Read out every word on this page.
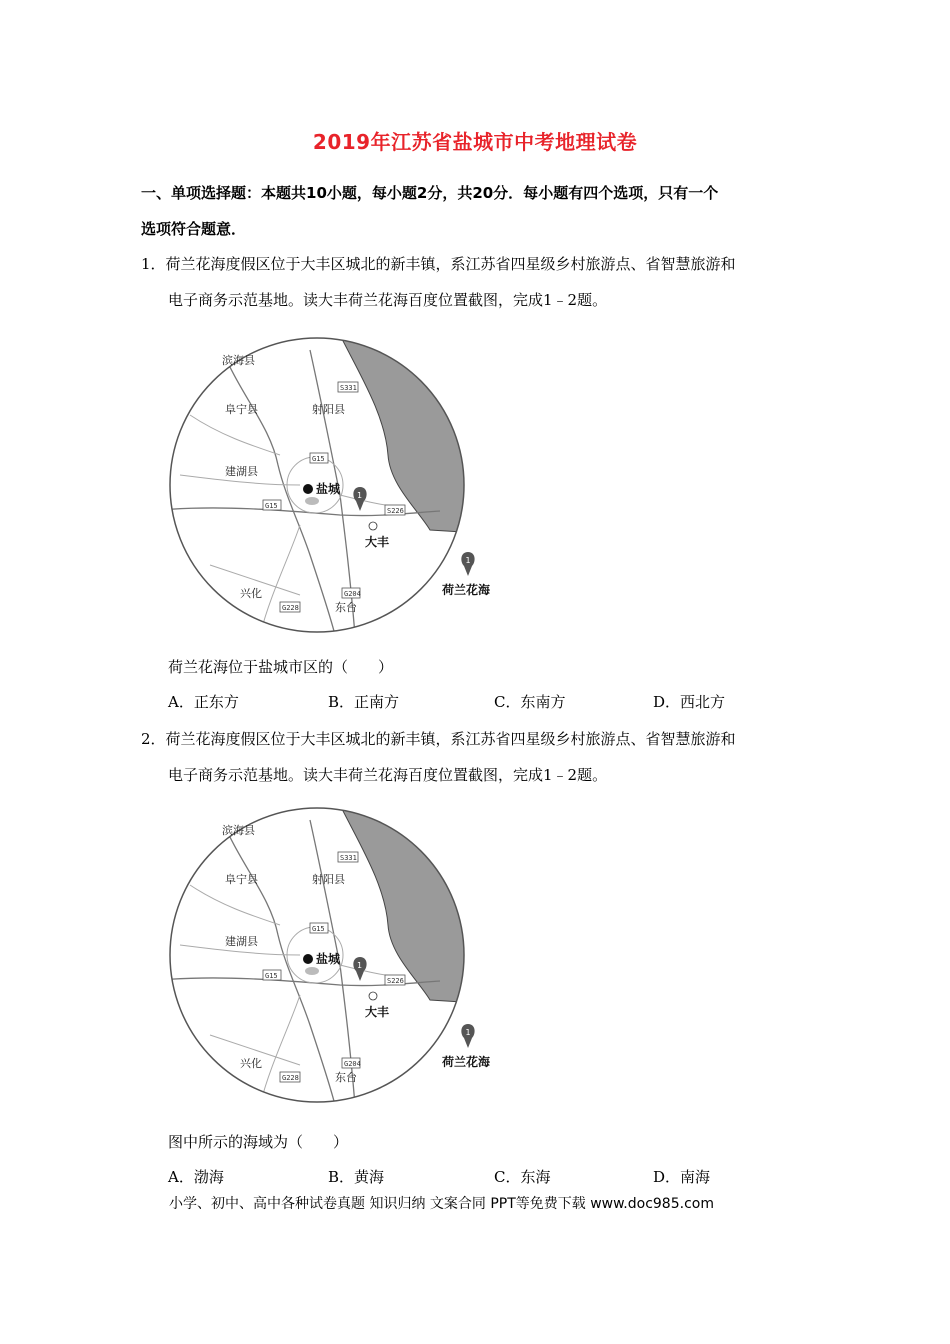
2019年江苏省盐城市中考地理试卷
一、单项选择题：本题共10小题，每小题2分，共20分．每小题有四个选项，只有一个
选项符合题意．
1．荷兰花海度假区位于大丰区城北的新丰镇，系江苏省四星级乡村旅游点、省智慧旅游和
电子商务示范基地。读大丰荷兰花海百度位置截图，完成1﹣2题。
S331
G15
G15
S226
G204
G228
滨海县
阜宁县	射阳县
建湖县
盐城 1
大丰
兴化
东台
1
荷兰花海
荷兰花海位于盐城市区的（　　）
A．正东方	B．正南方	C．东南方	D．西北方
2．荷兰花海度假区位于大丰区城北的新丰镇，系江苏省四星级乡村旅游点、省智慧旅游和
电子商务示范基地。读大丰荷兰花海百度位置截图，完成1﹣2题。
S331
G15
G15
S226
G204
G228
滨海县
阜宁县	射阳县
建湖县
盐城 1
大丰
兴化
东台
1
荷兰花海
图中所示的海域为（　　）
A．渤海	B．黄海	C．东海	D．南海
小学、初中、高中各种试卷真题 知识归纳 文案合同 PPT等免费下载 www.doc985.com
